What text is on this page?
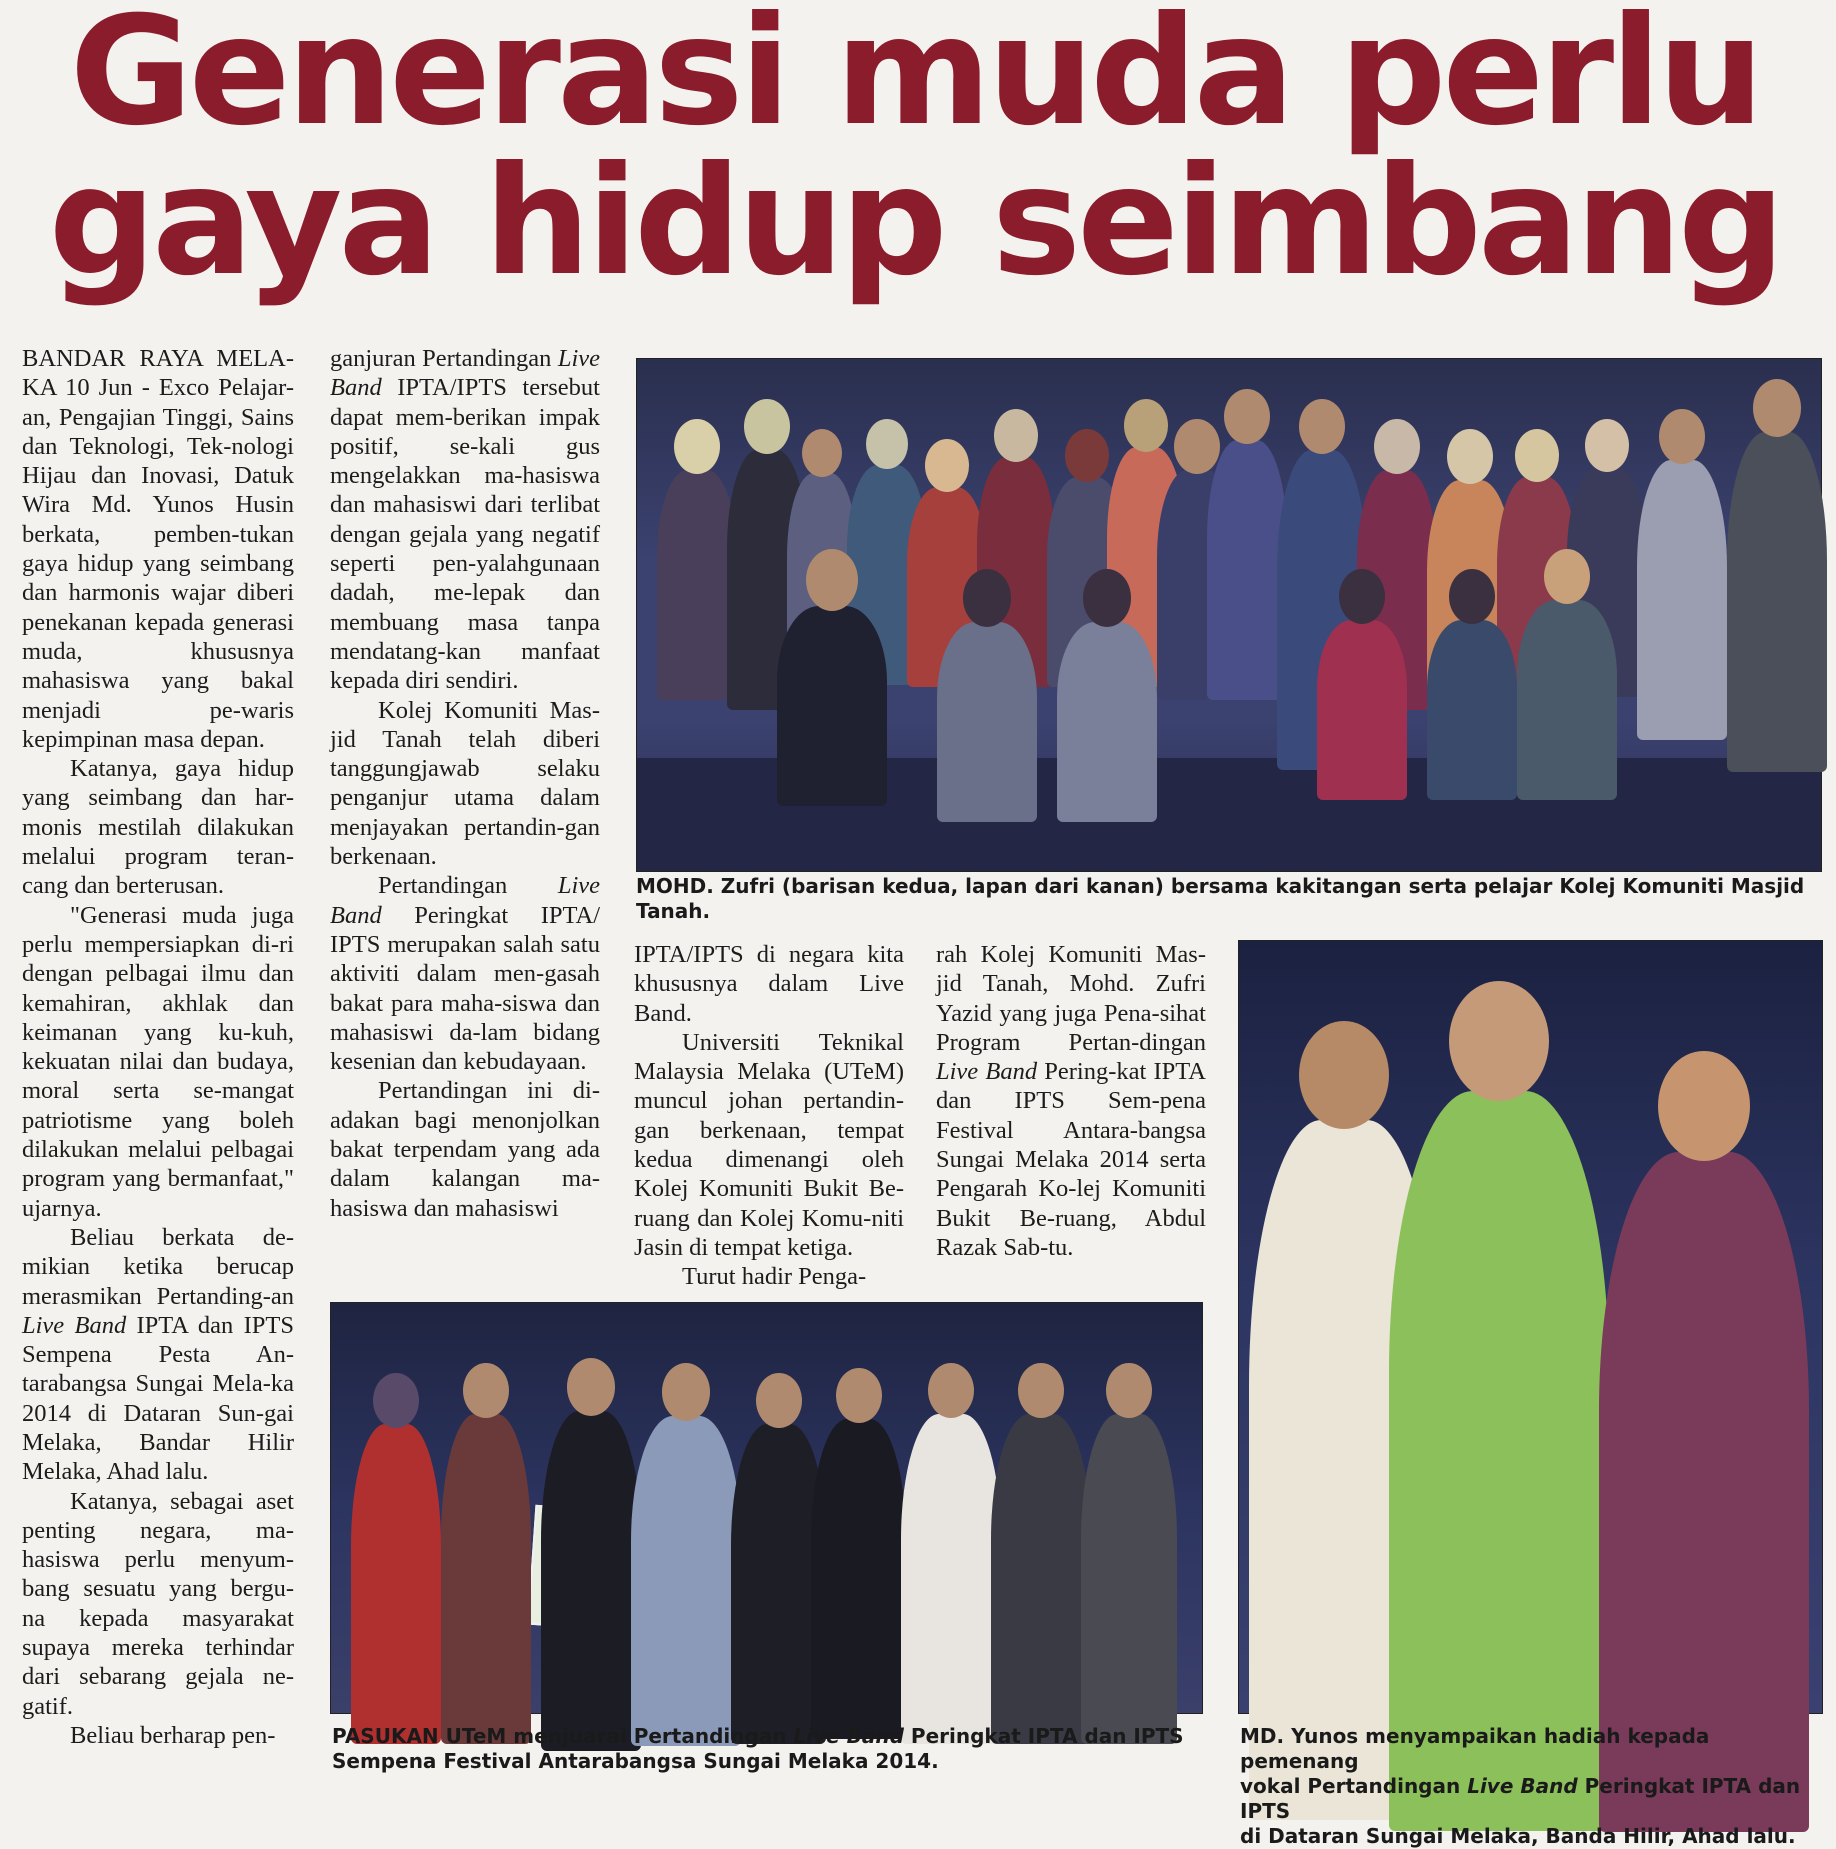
Generasi muda perlu
gaya hidup seimbang

BANDAR RAYA MELA-KA 10 Jun - Exco Pelajar-an, Pengajian Tinggi, Sains dan Teknologi, Tek-nologi Hijau dan Inovasi, Datuk Wira Md. Yunos Husin berkata, pemben-tukan gaya hidup yang seimbang dan harmonis wajar diberi penekanan kepada generasi muda, khususnya mahasiswa yang bakal menjadi pe-waris kepimpinan masa depan.

Katanya, gaya hidup yang seimbang dan har-monis mestilah dilakukan melalui program teran-cang dan berterusan.

"Generasi muda juga perlu mempersiapkan di-ri dengan pelbagai ilmu dan kemahiran, akhlak dan keimanan yang ku-kuh, kekuatan nilai dan budaya, moral serta se-mangat patriotisme yang boleh dilakukan melalui pelbagai program yang bermanfaat," ujarnya.

Beliau berkata de-mikian ketika berucap merasmikan Pertanding-an Live Band IPTA dan IPTS Sempena Pesta An-tarabangsa Sungai Mela-ka 2014 di Dataran Sun-gai Melaka, Bandar Hilir Melaka, Ahad lalu.

Katanya, sebagai aset penting negara, ma-hasiswa perlu menyum-bang sesuatu yang bergu-na kepada masyarakat supaya mereka terhindar dari sebarang gejala ne-gatif.

Beliau berharap pen-

ganjuran Pertandingan Live Band IPTA/IPTS tersebut dapat mem-berikan impak positif, se-kali gus mengelakkan ma-hasiswa dan mahasiswi dari terlibat dengan gejala yang negatif seperti pen-yalahgunaan dadah, me-lepak dan membuang masa tanpa mendatang-kan manfaat kepada diri sendiri.

Kolej Komuniti Mas-jid Tanah telah diberi tanggungjawab selaku penganjur utama dalam menjayakan pertandin-gan berkenaan.

Pertandingan Live Band Peringkat IPTA/ IPTS merupakan salah satu aktiviti dalam men-gasah bakat para maha-siswa dan mahasiswi da-lam bidang kesenian dan kebudayaan.

Pertandingan ini di-adakan bagi menonjolkan bakat terpendam yang ada dalam kalangan ma-hasiswa dan mahasiswi

IPTA/IPTS di negara kita khususnya dalam Live Band.

Universiti Teknikal Malaysia Melaka (UTeM) muncul johan pertandin-gan berkenaan, tempat kedua dimenangi oleh Kolej Komuniti Bukit Be-ruang dan Kolej Komu-niti Jasin di tempat ketiga.

Turut hadir Penga-

rah Kolej Komuniti Mas-jid Tanah, Mohd. Zufri Yazid yang juga Pena-sihat Program Pertan-dingan Live Band Pering-kat IPTA dan IPTS Sem-pena Festival Antara-bangsa Sungai Melaka 2014 serta Pengarah Ko-lej Komuniti Bukit Be-ruang, Abdul Razak Sab-tu.

MOHD. Zufri (barisan kedua, lapan dari kanan) bersama kakitangan serta pelajar Kolej Komuniti Masjid Tanah.
PASUKAN UTeM menjuarai Pertandingan Live Band Peringkat IPTA dan IPTS
Sempena Festival Antarabangsa Sungai Melaka 2014.
MD. Yunos menyampaikan hadiah kepada pemenang
vokal Pertandingan Live Band Peringkat IPTA dan IPTS
di Dataran Sungai Melaka, Banda Hilir, Ahad lalu.
